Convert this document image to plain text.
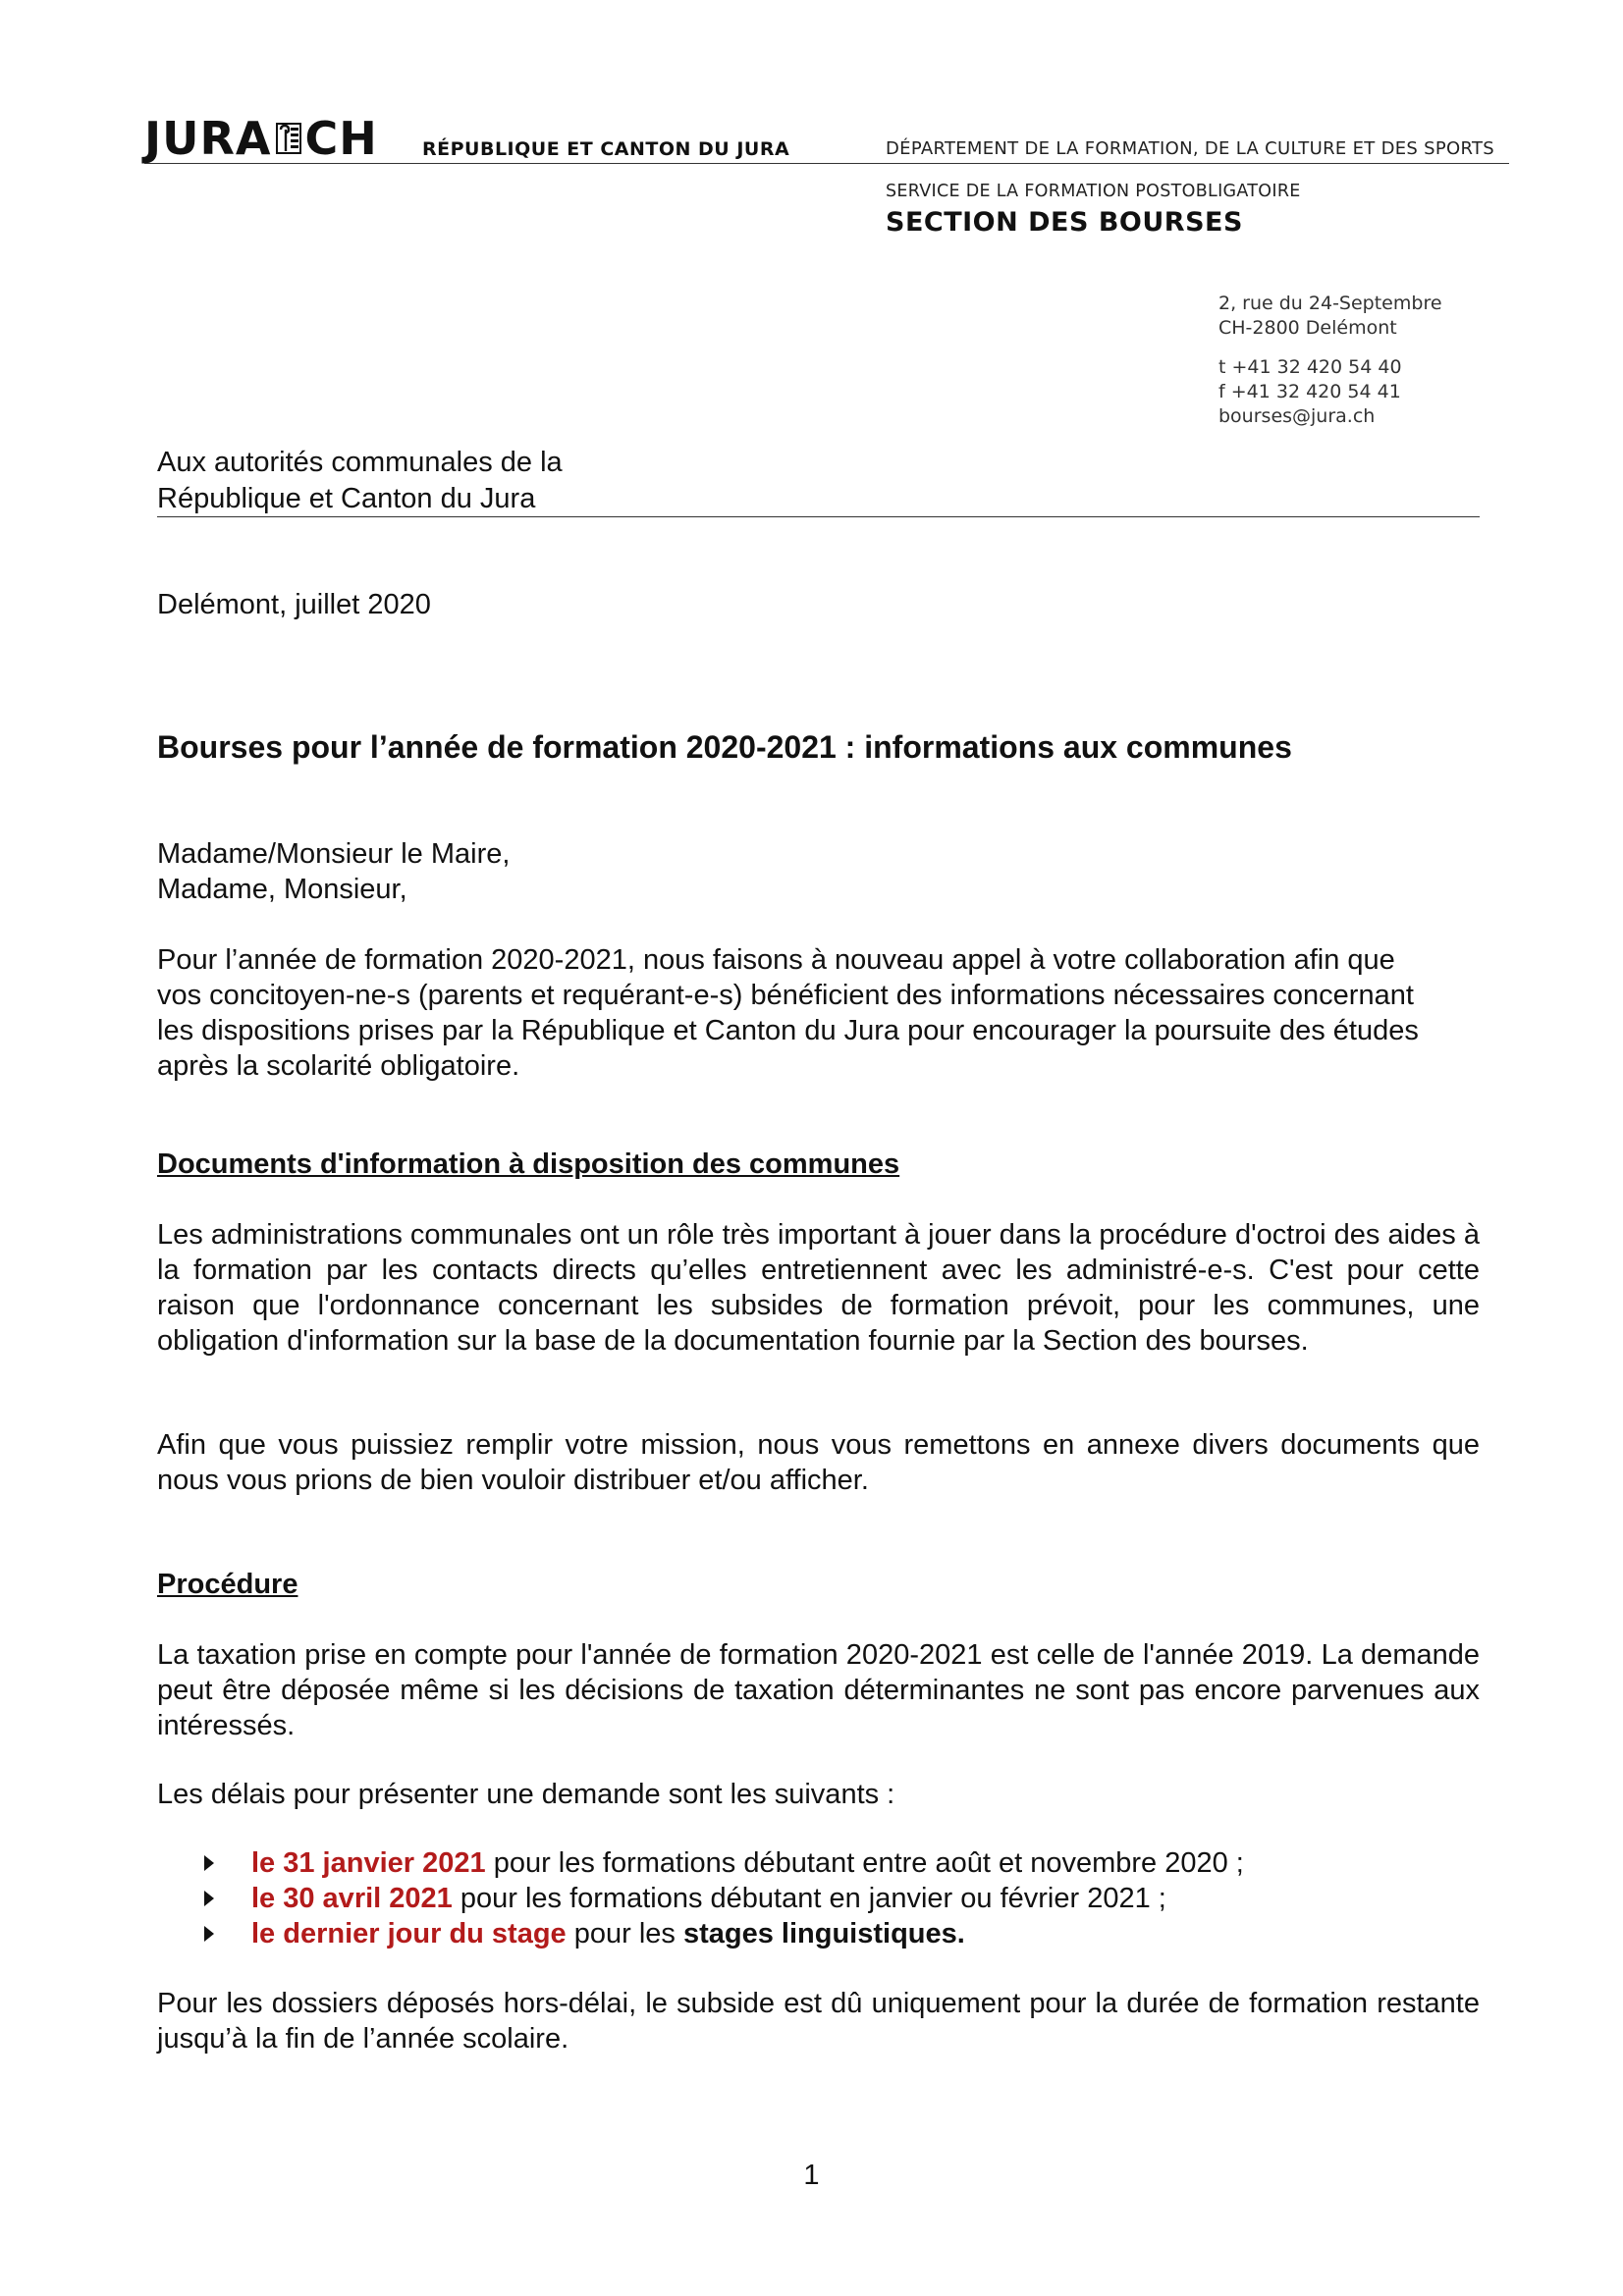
JURA CH RÉPUBLIQUE ET CANTON DU JURA	DÉPARTEMENT DE LA FORMATION, DE LA CULTURE ET DES SPORTS
SERVICE DE LA FORMATION POSTOBLIGATOIRE
SECTION DES BOURSES
2, rue du 24-Septembre
CH-2800 Delémont
t +41 32 420 54 40
f +41 32 420 54 41
bourses@jura.ch
Aux autorités communales de la
République et Canton du Jura
Delémont, juillet 2020
Bourses pour l’année de formation 2020-2021 : informations aux communes
Madame/Monsieur le Maire,
Madame, Monsieur,
Pour l’année de formation 2020-2021, nous faisons à nouveau appel à votre collaboration afin que
vos concitoyen-ne-s (parents et requérant-e-s) bénéficient des informations nécessaires concernant
les dispositions prises par la République et Canton du Jura pour encourager la poursuite des études
après la scolarité obligatoire.
Documents d'information à disposition des communes
Les administrations communales ont un rôle très important à jouer dans la procédure d'octroi des aides à la formation par les contacts directs qu’elles entretiennent avec les administré-e-s. C'est pour cette raison que l'ordonnance concernant les subsides de formation prévoit, pour les communes, une obligation d'information sur la base de la documentation fournie par la Section des bourses.
Afin que vous puissiez remplir votre mission, nous vous remettons en annexe divers documents que nous vous prions de bien vouloir distribuer et/ou afficher.
Procédure
La taxation prise en compte pour l'année de formation 2020-2021 est celle de l'année 2019. La demande peut être déposée même si les décisions de taxation déterminantes ne sont pas encore parvenues aux intéressés.
Les délais pour présenter une demande sont les suivants :
le 31 janvier 2021 pour les formations débutant entre août et novembre 2020 ;
le 30 avril 2021 pour les formations débutant en janvier ou février 2021 ;
le dernier jour du stage pour les stages linguistiques.
Pour les dossiers déposés hors-délai, le subside est dû uniquement pour la durée de formation restante jusqu’à la fin de l’année scolaire.
1
